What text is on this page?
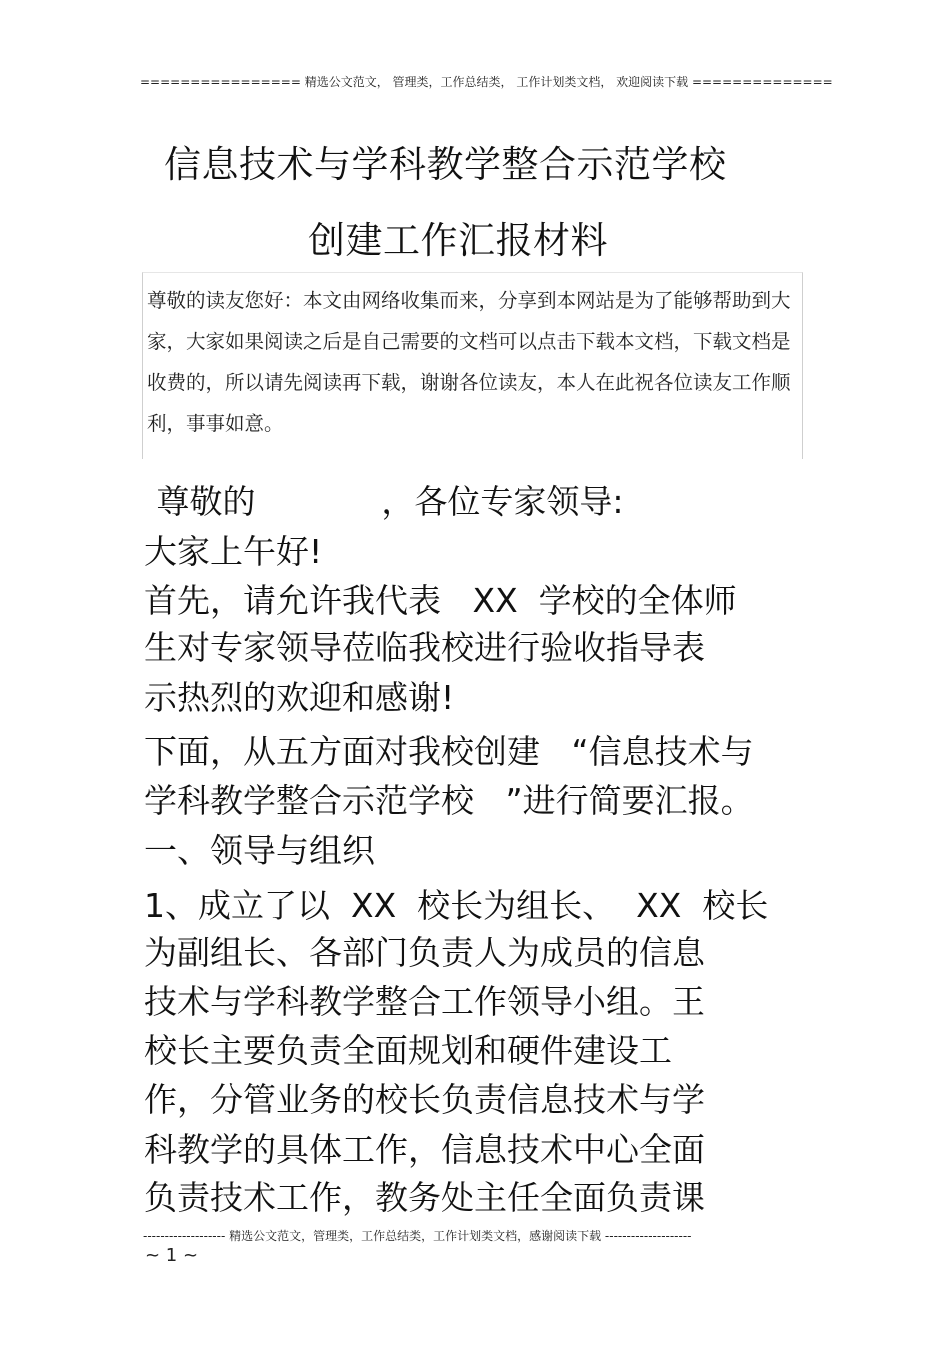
================ 精选公文范文， 管理类，工作总结类， 工作计划类文档， 欢迎阅读下载 ==============
信息技术与学科教学整合示范学校
创建工作汇报材料
尊敬的读友您好：本文由网络收集而来，分享到本网站是为了能够帮助到大
家，大家如果阅读之后是自己需要的文档可以点击下载本文档，下载文档是
收费的，所以请先阅读再下载，谢谢各位读友，本人在此祝各位读友工作顺
利，事事如意。
尊敬的            ，各位专家领导:
大家上午好!
首先，请允许我代表   XX  学校的全体师
生对专家领导莅临我校进行验收指导表
示热烈的欢迎和感谢!
下面，从五方面对我校创建   “信息技术与
学科教学整合示范学校   ”进行简要汇报。
一、领导与组织
1、成立了以  XX  校长为组长、  XX  校长
为副组长、各部门负责人为成员的信息
技术与学科教学整合工作领导小组。王
校长主要负责全面规划和硬件建设工
作，分管业务的校长负责信息技术与学
科教学的具体工作，信息技术中心全面
负责技术工作，教务处主任全面负责课
------------------- 精选公文范文，管理类，工作总结类，工作计划类文档，感谢阅读下载 --------------------
~ 1 ~
